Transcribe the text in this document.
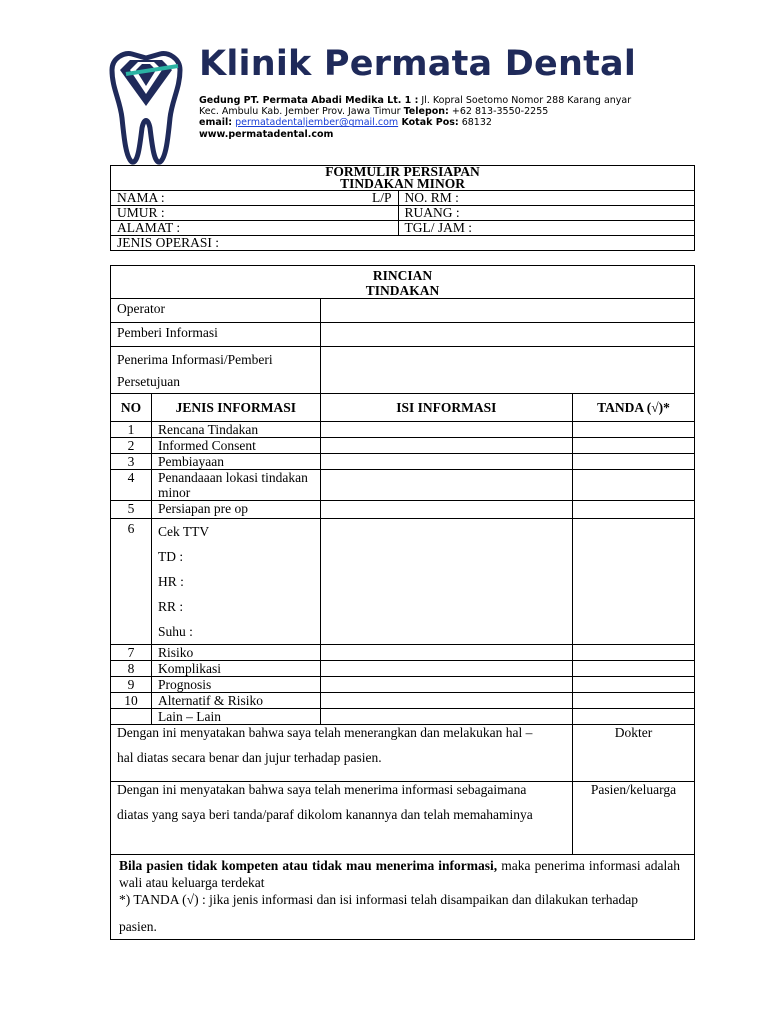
Klinik Permata Dental
Gedung PT. Permata Abadi Medika Lt. 1 : Jl. Kopral Soetomo Nomor 288 Karang anyar
Kec. Ambulu Kab. Jember Prov. Jawa Timur Telepon: +62 813-3550-2255
email: permatadentaljember@gmail.com Kotak Pos: 68132
www.permatadental.com
FORMULIR PERSIAPAN
TINDAKAN MINOR	
NAMA : L/P	NO. RM :
UMUR :	RUANG :
ALAMAT :	TGL/ JAM :
JENIS OPERASI :	
RINCIAN
TINDAKAN			
Operator			
Pemberi Informasi			
Penerima Informasi/Pemberi
Persetujuan			
NO	JENIS INFORMASI	ISI INFORMASI	TANDA (√)*
1	Rencana Tindakan		
2	Informed Consent		
3	Pembiayaan		
4	Penandaaan lokasi tindakan minor		
5	Persiapan pre op		
6	Cek TTV
TD :
HR :
RR :
Suhu :		
7	Risiko		
8	Komplikasi		
9	Prognosis		
10	Alternatif & Risiko		
	Lain – Lain		
Dengan ini menyatakan bahwa saya telah menerangkan dan melakukan hal –
hal diatas secara benar dan jujur terhadap pasien.			Dokter
Dengan ini menyatakan bahwa saya telah menerima informasi sebagaimana
diatas yang saya beri tanda/paraf dikolom kanannya dan telah memahaminya			Pasien/keluarga
Bila pasien tidak kompeten atau tidak mau menerima informasi, maka penerima informasi adalah wali atau keluarga terdekat
*) TANDA (√) : jika jenis informasi dan isi informasi telah disampaikan dan dilakukan terhadap
pasien.			
